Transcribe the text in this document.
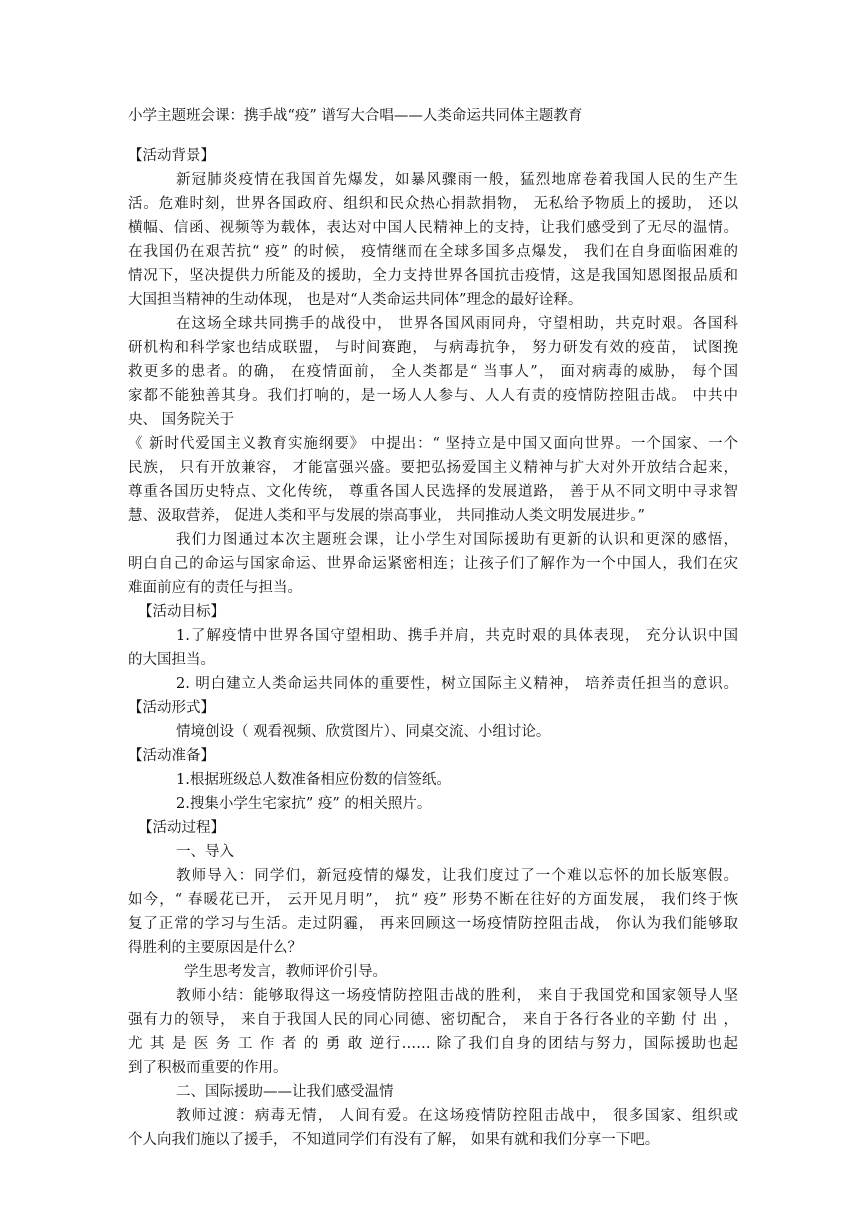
小学主题班会课：携手战“疫” 谱写大合唱——人类命运共同体主题教育
【活动背景】
新冠肺炎疫情在我国首先爆发，如暴风骤雨一般，猛烈地席卷着我国人民的生产生
活。危难时刻，世界各国政府、组织和民众热心捐款捐物， 无私给予物质上的援助， 还以
横幅、信函、视频等为载体，表达对中国人民精神上的支持，让我们感受到了无尽的温情。
在我国仍在艰苦抗“ 疫” 的时候， 疫情继而在全球多国多点爆发， 我们在自身面临困难的
情况下，坚决提供力所能及的援助，全力支持世界各国抗击疫情，这是我国知恩图报品质和
大国担当精神的生动体现， 也是对“人类命运共同体”理念的最好诠释。
在这场全球共同携手的战役中， 世界各国风雨同舟，守望相助，共克时艰。各国科
研机构和科学家也结成联盟， 与时间赛跑， 与病毒抗争， 努力研发有效的疫苗， 试图挽
救更多的患者。的确， 在疫情面前， 全人类都是“ 当事人”， 面对病毒的威胁， 每个国
家都不能独善其身。我们打响的，是一场人人参与、人人有责的疫情防控阻击战。 中共中
央、 国务院关于
《 新时代爱国主义教育实施纲要》 中提出：“ 坚持立是中国又面向世界。一个国家、一个
民族， 只有开放兼容， 才能富强兴盛。要把弘扬爱国主义精神与扩大对外开放结合起来，
尊重各国历史特点、文化传统， 尊重各国人民选择的发展道路， 善于从不同文明中寻求智
慧、汲取营养， 促进人类和平与发展的崇高事业， 共同推动人类文明发展进步。”
我们力图通过本次主题班会课，让小学生对国际援助有更新的认识和更深的感悟，
明白自己的命运与国家命运、世界命运紧密相连；让孩子们了解作为一个中国人，我们在灾
难面前应有的责任与担当。
【活动目标】
1.了解疫情中世界各国守望相助、携手并肩，共克时艰的具体表现， 充分认识中国
的大国担当。
2. 明白建立人类命运共同体的重要性，树立国际主义精神， 培养责任担当的意识。
【活动形式】
情境创设（ 观看视频、欣赏图片）、同桌交流、小组讨论。
【活动准备】
1.根据班级总人数准备相应份数的信签纸。
2.搜集小学生宅家抗” 疫” 的相关照片。
【活动过程】
一、导入
教师导入：同学们，新冠疫情的爆发，让我们度过了一个难以忘怀的加长版寒假。
如今，“ 春暖花已开， 云开见月明”， 抗“ 疫” 形势不断在往好的方面发展， 我们终于恢
复了正常的学习与生活。走过阴霾， 再来回顾这一场疫情防控阻击战， 你认为我们能够取
得胜利的主要原因是什么？
学生思考发言，教师评价引导。
教师小结：能够取得这一场疫情防控阻击战的胜利， 来自于我国党和国家领导人坚
强有力的领导， 来自于我国人民的同心同德、密切配合， 来自于各行各业的辛勤 付 出 ，
尤 其 是 医 务 工 作 者 的 勇 敢 逆行…… 除了我们自身的团结与努力，国际援助也起
到了积极而重要的作用。
二、国际援助——让我们感受温情
教师过渡：病毒无情， 人间有爱。在这场疫情防控阻击战中， 很多国家、组织或
个人向我们施以了援手， 不知道同学们有没有了解， 如果有就和我们分享一下吧。
